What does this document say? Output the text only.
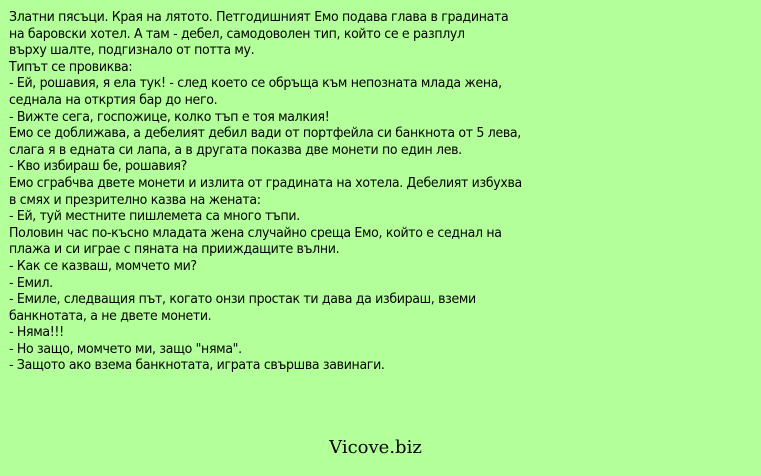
Златни пясъци. Края на лятото. Петгодишният Емо подава глава в градината
на баровски хотел. А там - дебел, самодоволен тип, който се е разплул
върху шалте, подгизнало от потта му.
Типът се провиква:
- Ей, рошавия, я ела тук! - след което се обръща към непозната млада жена,
седнала на откртия бар до него.
- Вижте сега, госпожице, колко тъп е тоя малкия!
Емо се доближава, а дебелият дебил вади от портфейла си банкнота от 5 лева,
слага я в едната си лапа, а в другата показва две монети по един лев.
- Кво избираш бе, рошавия?
Емо сграбчва двете монети и излита от градината на хотела. Дебелият избухва
в смях и презрително казва на жената:
- Ей, туй местните пишлемета са много тъпи.
Половин час по-късно младата жена случайно среща Емо, който е седнал на
плажа и си играе с пяната на прииждащите вълни.
- Как се казваш, момчето ми?
- Емил.
- Емиле, следващия път, когато онзи простак ти дава да избираш, вземи
банкнотата, а не двете монети.
- Няма!!!
- Но защо, момчето ми, защо "няма".
- Защото ако взема банкнотата, играта свършва завинаги.
Vicove.biz
